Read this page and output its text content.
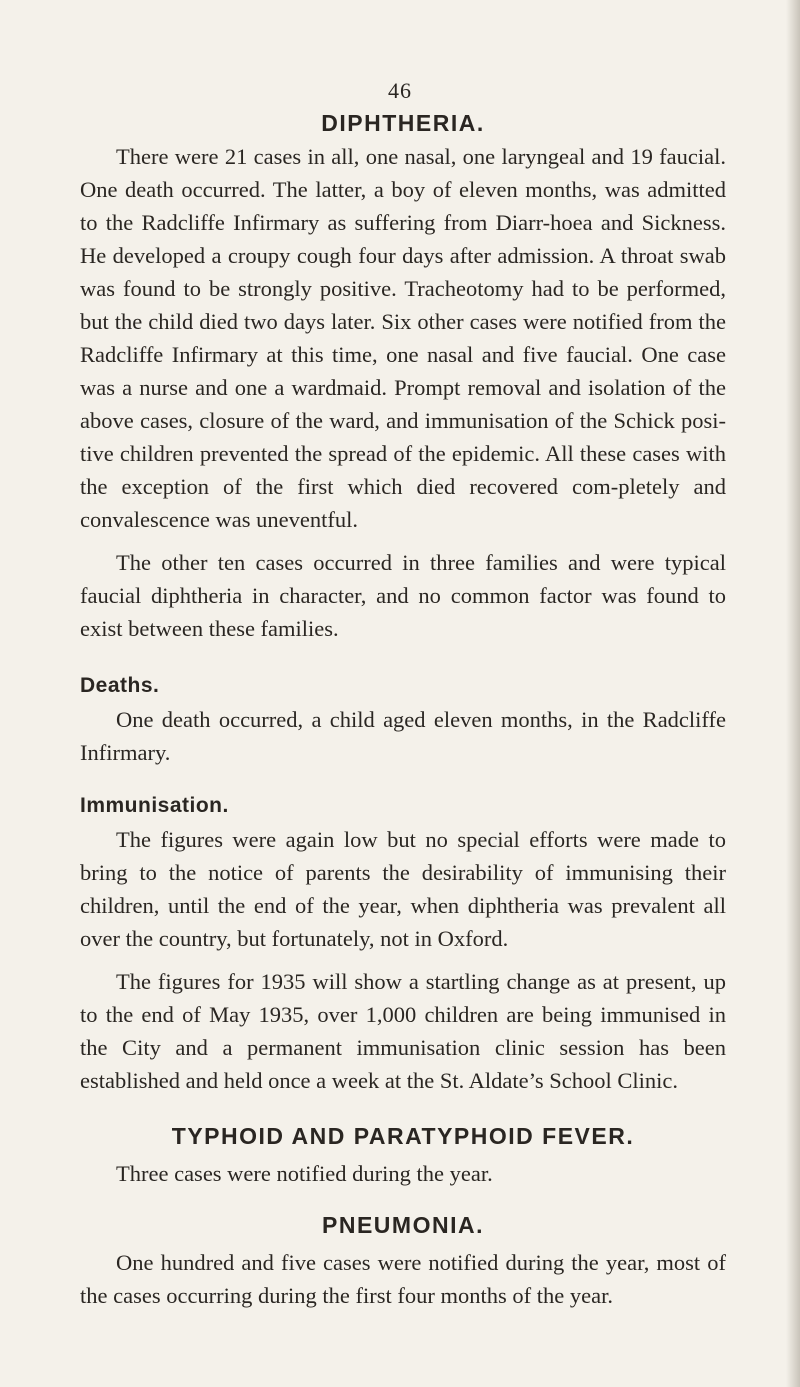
46
DIPHTHERIA.

There were 21 cases in all, one nasal, one laryngeal and 19 faucial. One death occurred. The latter, a boy of eleven months, was admitted to the Radcliffe Infirmary as suffering from Diarr-hoea and Sickness. He developed a croupy cough four days after admission. A throat swab was found to be strongly positive. Tracheotomy had to be performed, but the child died two days later. Six other cases were notified from the Radcliffe Infirmary at this time, one nasal and five faucial. One case was a nurse and one a wardmaid. Prompt removal and isolation of the above cases, closure of the ward, and immunisation of the Schick posi-tive children prevented the spread of the epidemic. All these cases with the exception of the first which died recovered com-pletely and convalescence was uneventful.

The other ten cases occurred in three families and were typical faucial diphtheria in character, and no common factor was found to exist between these families.

Deaths.

One death occurred, a child aged eleven months, in the Radcliffe Infirmary.

Immunisation.

The figures were again low but no special efforts were made to bring to the notice of parents the desirability of immunising their children, until the end of the year, when diphtheria was prevalent all over the country, but fortunately, not in Oxford.

The figures for 1935 will show a startling change as at present, up to the end of May 1935, over 1,000 children are being immunised in the City and a permanent immunisation clinic session has been established and held once a week at the St. Aldate’s School Clinic.

TYPHOID AND PARATYPHOID FEVER.

Three cases were notified during the year.

PNEUMONIA.

One hundred and five cases were notified during the year, most of the cases occurring during the first four months of the year.
